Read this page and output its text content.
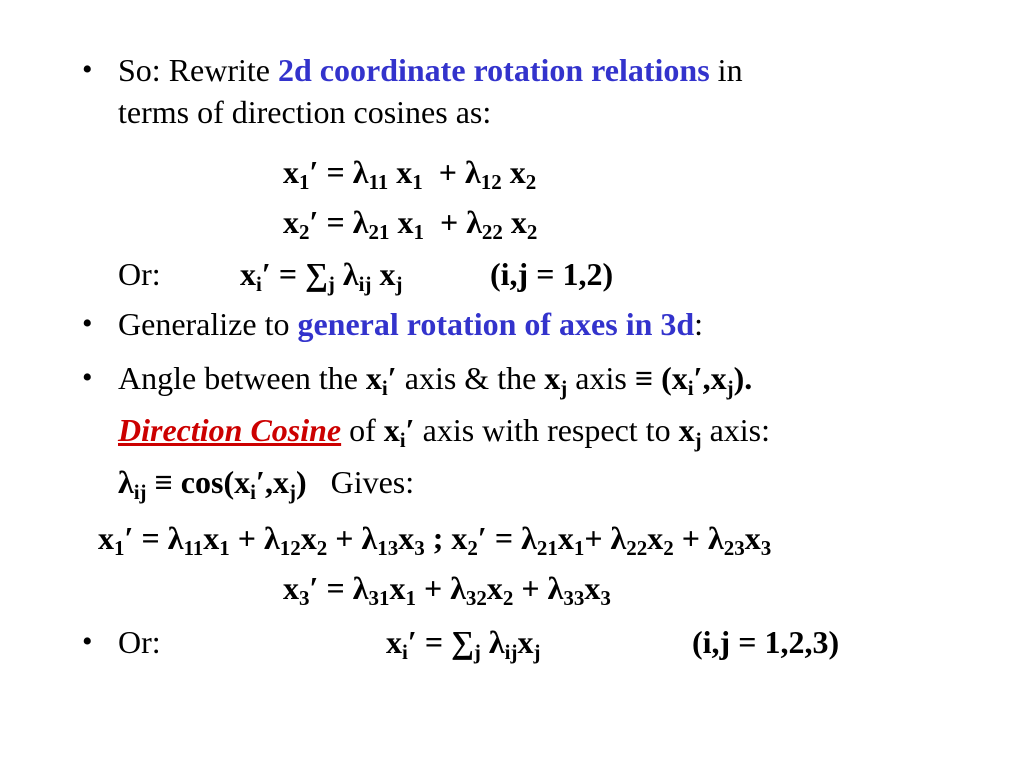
• So: Rewrite 2d coordinate rotation relations in
terms of direction cosines as:
$x_1' = \lambda_{11}$ $x_1 + \lambda_{12}$ $x_2$
$x_2' = \lambda_{21}$ $x_1 + \lambda_{22}$ $x_2$
Or: $x_i' = \sum_j$ $\lambda_{ij}$ $x_j$	(i,j = 1,2)
• Generalize to general rotation of axes in 3d:
• Angle between the $x_i'$ axis & the $x_j$ axis ≡ $(x_i',x_j)$.
Direction Cosine of $x_i'$ axis with respect to $x_j$ axis:
$\lambda_{ij} \equiv \cos(x_i',x_j)$   Gives:
$x_1' = \lambda_{11}x_1 + \lambda_{12}x_2 + \lambda_{13}x_3$ ; $x_2' = \lambda_{21}x_1+ \lambda_{22}x_2 + \lambda_{23}x_3$
$x_3' = \lambda_{31}x_1 + \lambda_{32}x_2 + \lambda_{33}x_3$
• Or:	$x_i' = \sum_j$ $\lambda_{ij}x_j$	(i,j = 1,2,3)
